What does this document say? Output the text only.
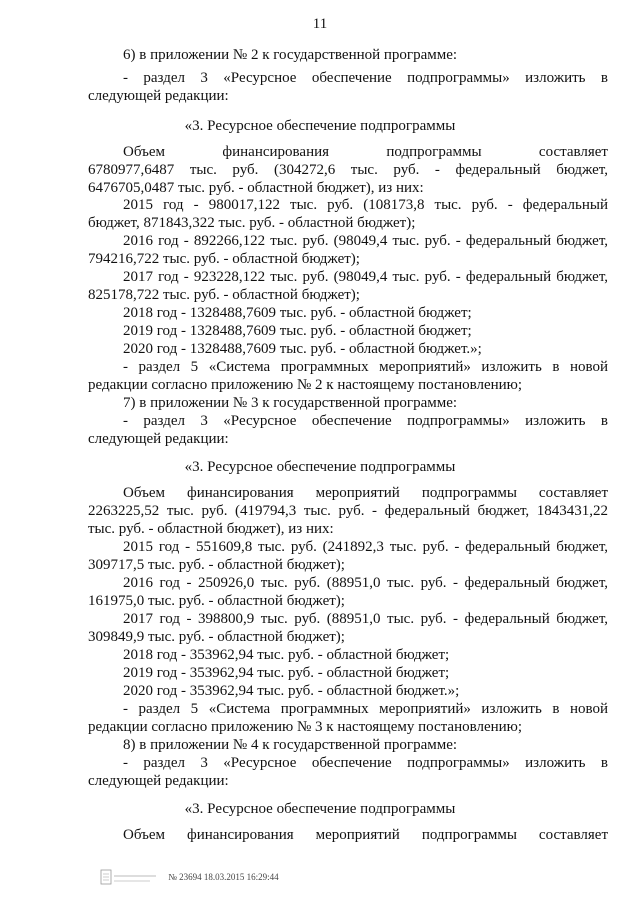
11
6) в приложении № 2 к государственной программе:
- раздел 3 «Ресурсное обеспечение подпрограммы» изложить в
следующей редакции:
«3. Ресурсное обеспечение подпрограммы
Объем финансирования подпрограммы составляет
6780977,6487 тыс. руб. (304272,6 тыс. руб. - федеральный бюджет,
6476705,0487 тыс. руб. - областной бюджет), из них:
2015 год - 980017,122 тыс. руб. (108173,8 тыс. руб. - федеральный
бюджет, 871843,322 тыс. руб. - областной бюджет);
2016 год - 892266,122 тыс. руб. (98049,4 тыс. руб. - федеральный бюджет,
794216,722 тыс. руб. - областной бюджет);
2017 год - 923228,122 тыс. руб. (98049,4 тыс. руб. - федеральный бюджет,
825178,722 тыс. руб. - областной бюджет);
2018 год - 1328488,7609 тыс. руб. - областной бюджет;
2019 год - 1328488,7609 тыс. руб. - областной бюджет;
2020 год - 1328488,7609 тыс. руб. - областной бюджет.»;
- раздел 5 «Система программных мероприятий» изложить в новой
редакции согласно приложению № 2 к настоящему постановлению;
7) в приложении № 3 к государственной программе:
- раздел 3 «Ресурсное обеспечение подпрограммы» изложить в
следующей редакции:
«3. Ресурсное обеспечение подпрограммы
Объем финансирования мероприятий подпрограммы составляет
2263225,52 тыс. руб. (419794,3 тыс. руб. - федеральный бюджет, 1843431,22
тыс. руб. - областной бюджет), из них:
2015 год - 551609,8 тыс. руб. (241892,3 тыс. руб. - федеральный бюджет,
309717,5 тыс. руб. - областной бюджет);
2016 год - 250926,0 тыс. руб. (88951,0 тыс. руб. - федеральный бюджет,
161975,0 тыс. руб. - областной бюджет);
2017 год - 398800,9 тыс. руб. (88951,0 тыс. руб. - федеральный бюджет,
309849,9 тыс. руб. - областной бюджет);
2018 год - 353962,94 тыс. руб. - областной бюджет;
2019 год - 353962,94 тыс. руб. - областной бюджет;
2020 год - 353962,94 тыс. руб. - областной бюджет.»;
- раздел 5 «Система программных мероприятий» изложить в новой
редакции согласно приложению № 3 к настоящему постановлению;
8) в приложении № 4 к государственной программе:
- раздел 3 «Ресурсное обеспечение подпрограммы» изложить в
следующей редакции:
«3. Ресурсное обеспечение подпрограммы
Объем финансирования мероприятий подпрограммы составляет
№ 23694 18.03.2015 16:29:44
